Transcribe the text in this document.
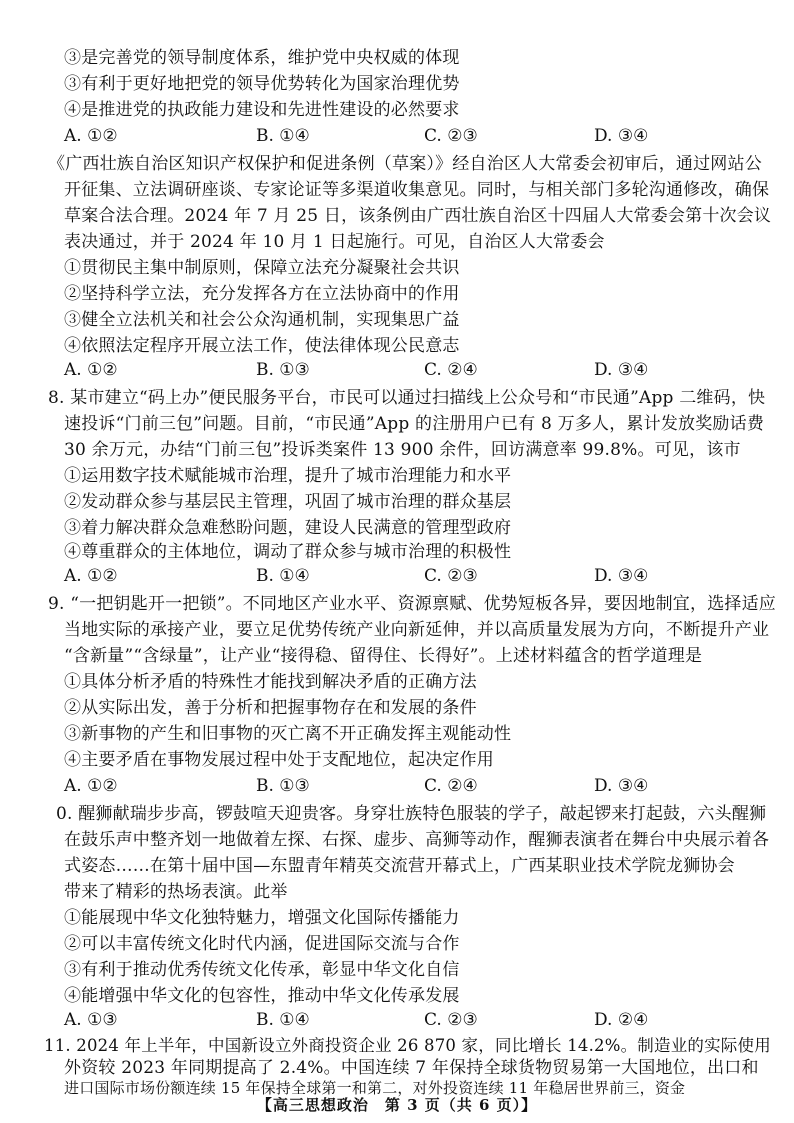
③是完善党的领导制度体系，维护党中央权威的体现
③有利于更好地把党的领导优势转化为国家治理优势
④是推进党的执政能力建设和先进性建设的必然要求
A. ①②	B. ①④	C. ②③	D. ③④
《广西壮族自治区知识产权保护和促进条例（草案）》经自治区人大常委会初审后，通过网站公
开征集、立法调研座谈、专家论证等多渠道收集意见。同时，与相关部门多轮沟通修改，确保
草案合法合理。2024 年 7 月 25 日，该条例由广西壮族自治区十四届人大常委会第十次会议
表决通过，并于 2024 年 10 月 1 日起施行。可见，自治区人大常委会
①贯彻民主集中制原则，保障立法充分凝聚社会共识
②坚持科学立法，充分发挥各方在立法协商中的作用
③健全立法机关和社会公众沟通机制，实现集思广益
④依照法定程序开展立法工作，使法律体现公民意志
A. ①②	B. ①③	C. ②④	D. ③④
8. 某市建立“码上办”便民服务平台，市民可以通过扫描线上公众号和“市民通”App 二维码，快
速投诉“门前三包”问题。目前，“市民通”App 的注册用户已有 8 万多人，累计发放奖励话费
30 余万元，办结“门前三包”投诉类案件 13 900 余件，回访满意率 99.8%。可见，该市
①运用数字技术赋能城市治理，提升了城市治理能力和水平
②发动群众参与基层民主管理，巩固了城市治理的群众基层
③着力解决群众急难愁盼问题，建设人民满意的管理型政府
④尊重群众的主体地位，调动了群众参与城市治理的积极性
A. ①②	B. ①④	C. ②③	D. ③④
9. “一把钥匙开一把锁”。不同地区产业水平、资源禀赋、优势短板各异，要因地制宜，选择适应
当地实际的承接产业，要立足优势传统产业向新延伸，并以高质量发展为方向，不断提升产业
“含新量”“含绿量”，让产业“接得稳、留得住、长得好”。上述材料蕴含的哲学道理是
①具体分析矛盾的特殊性才能找到解决矛盾的正确方法
②从实际出发，善于分析和把握事物存在和发展的条件
③新事物的产生和旧事物的灭亡离不开正确发挥主观能动性
④主要矛盾在事物发展过程中处于支配地位，起决定作用
A. ①②	B. ①③	C. ②④	D. ③④
0. 醒狮献瑞步步高，锣鼓喧天迎贵客。身穿壮族特色服装的学子，敲起锣来打起鼓，六头醒狮
在鼓乐声中整齐划一地做着左探、右探、虚步、高狮等动作，醒狮表演者在舞台中央展示着各
式姿态……在第十届中国—东盟青年精英交流营开幕式上，广西某职业技术学院龙狮协会
带来了精彩的热场表演。此举
①能展现中华文化独特魅力，增强文化国际传播能力
②可以丰富传统文化时代内涵，促进国际交流与合作
③有利于推动优秀传统文化传承，彰显中华文化自信
④能增强中华文化的包容性，推动中华文化传承发展
A. ①③	B. ①④	C. ②③	D. ②④
11. 2024 年上半年，中国新设立外商投资企业 26 870 家，同比增长 14.2%。制造业的实际使用
外资较 2023 年同期提高了 2.4%。中国连续 7 年保持全球货物贸易第一大国地位，出口和
进口国际市场份额连续 15 年保持全球第一和第二，对外投资连续 11 年稳居世界前三，资金
【高三思想政治　第 3 页（共 6 页）】
